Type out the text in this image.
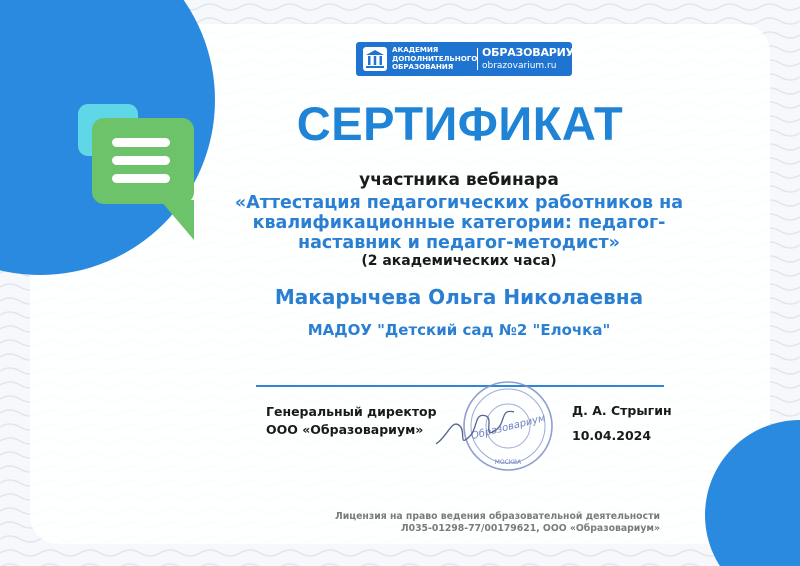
АКАДЕМИЯ
ДОПОЛНИТЕЛЬНОГО
ОБРАЗОВАНИЯ
ОБРАЗОВАРИУМ
obrazovarium.ru
СЕРТИФИКАТ
участника вебинара
«Аттестация педагогических работников на
квалификационные категории: педагог-
наставник и педагог-методист»
(2 академических часа)
Макарычева Ольга Николаевна
МАДОУ "Детский сад №2 "Елочка"
Генеральный директор
ООО «Образовариум»	Образовариум
МОСКВА
Д. А. Стрыгин
10.04.2024
Лицензия на право ведения образовательной деятельности
Л035-01298-77/00179621, ООО «Образовариум»
